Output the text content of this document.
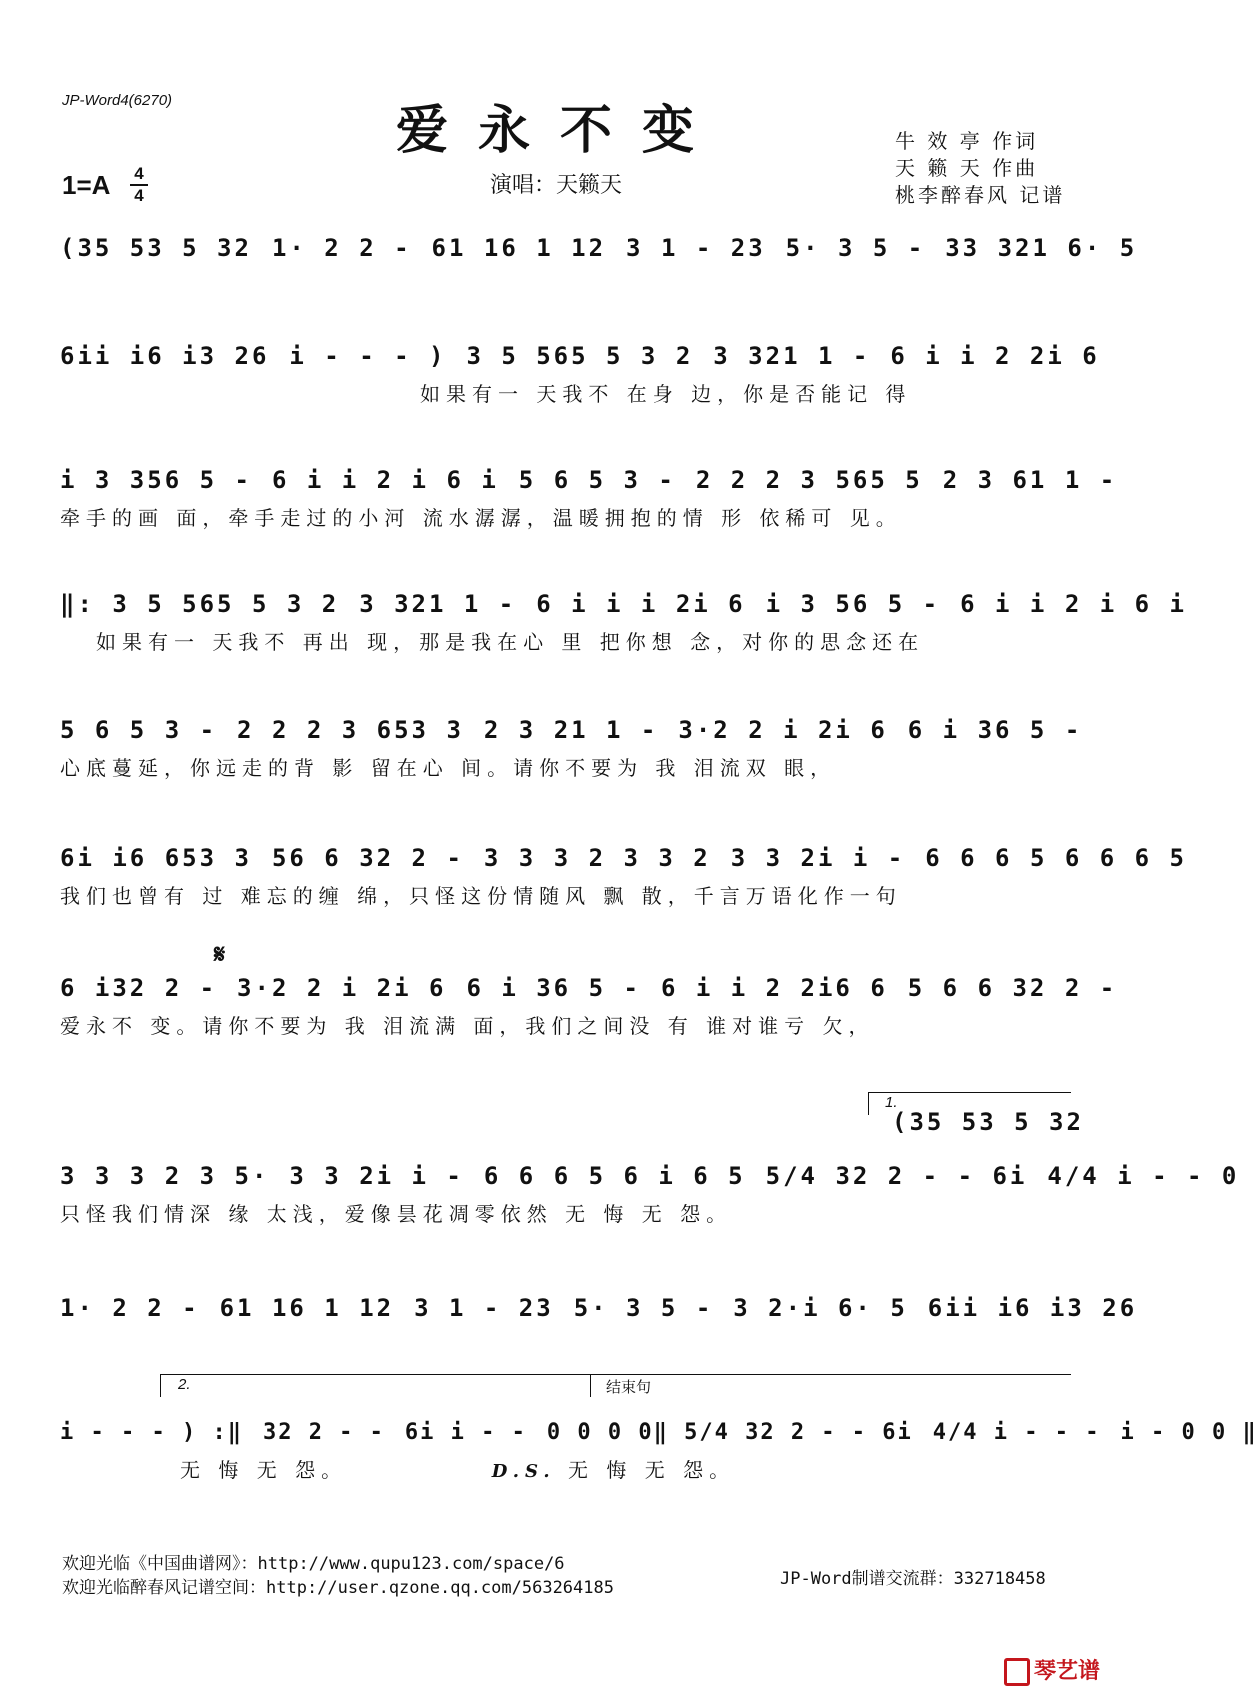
JP-Word4(6270)	爱永不变
演唱：天籁天
1=A 4
4
牛 效 亭 作词
天 籁 天 作曲
桃李醉春风 记谱
(35 53 5 32 1· 2 2 - 61 16 1 12 3 1 - 23 5· 3 5 - 33 321 6· 5
6ii i6 i3 26 i - - - ) 3 5 565 5 3 2 3 321 1 - 6 i i 2 2i 6
如果有一 天我不 在身 边，你是否能记 得
i 3 356 5 - 6 i i 2 i 6 i 5 6 5 3 - 2 2 2 3 565 5 2 3 61 1 -
牵手的画 面，牵手走过的小河 流水潺潺，温暖拥抱的情 形 依稀可 见。
‖: 3 5 565 5 3 2 3 321 1 - 6 i i i 2i 6 i 3 56 5 - 6 i i 2 i 6 i
如果有一 天我不 再出 现，那是我在心 里 把你想 念，对你的思念还在
5 6 5 3 - 2 2 2 3 653 3 2 3 21 1 - 3·2 2 i 2i 6 6 i 36 5 -
心底蔓延，你远走的背 影 留在心 间。请你不要为 我 泪流双 眼，
6i i6 653 3 56 6 32 2 - 3 3 3 2 3 3 2 3 3 2i i - 6 6 6 5 6 6 6 5
我们也曾有 过 难忘的缠 绵，只怪这份情随风 飘 散，千言万语化作一句
𝄋
6 i32 2 - 3·2 2 i 2i 6 6 i 36 5 - 6 i i 2 2i6 6 5 6 6 32 2 -
爱永不 变。请你不要为 我 泪流满 面，我们之间没 有 谁对谁亏 欠，
1.
(35 53 5 32
3 3 3 2 3 5· 3 3 2i i - 6 6 6 5 6 i 6 5 5/4 32 2 - - 6i 4/4 i - - 0
只怪我们情深 缘 太浅，爱像昙花凋零依然 无 悔 无 怨。
1· 2 2 - 61 16 1 12 3 1 - 23 5· 3 5 - 3 2·i 6· 5 6ii i6 i3 26
2.	结束句
i - - - ) :‖ 32 2 - - 6i i - - 0 0 0 0 ‖ 5/4 32 2 - - 6i 4/4 i - - - i - 0 0 ‖
无 悔 无 怨。	D.S. 无 悔 无 怨。
欢迎光临《中国曲谱网》：http://www.qupu123.com/space/6
欢迎光临醉春风记谱空间：http://user.qzone.qq.com/563264185	JP-Word制谱交流群：332718458
琴艺谱
